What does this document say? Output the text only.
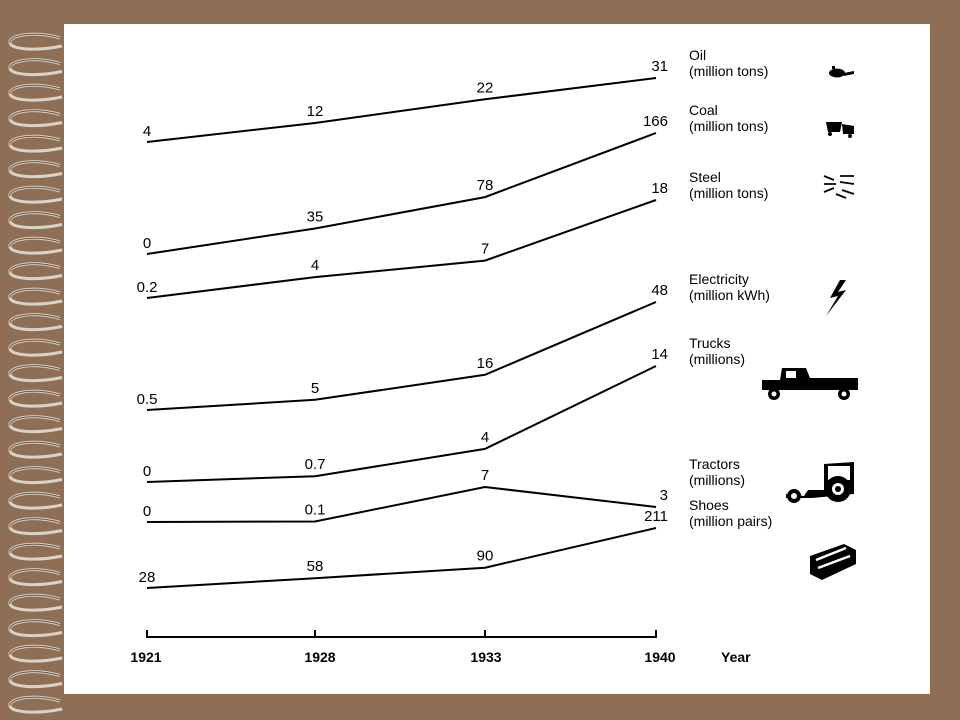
4
12
22
31
Oil
(million tons)
0
35
78
166
Coal
(million tons)
0.2
4
7
18
Steel
(million tons)
0.5
5
16
48
Electricity
(million kWh)
0	0.7
4
14
Trucks
(millions)
0	0.1
7
3
Tractors
(millions)
28
58
90
211
Shoes
(million pairs)
1921	1928	1933	1940	Year
